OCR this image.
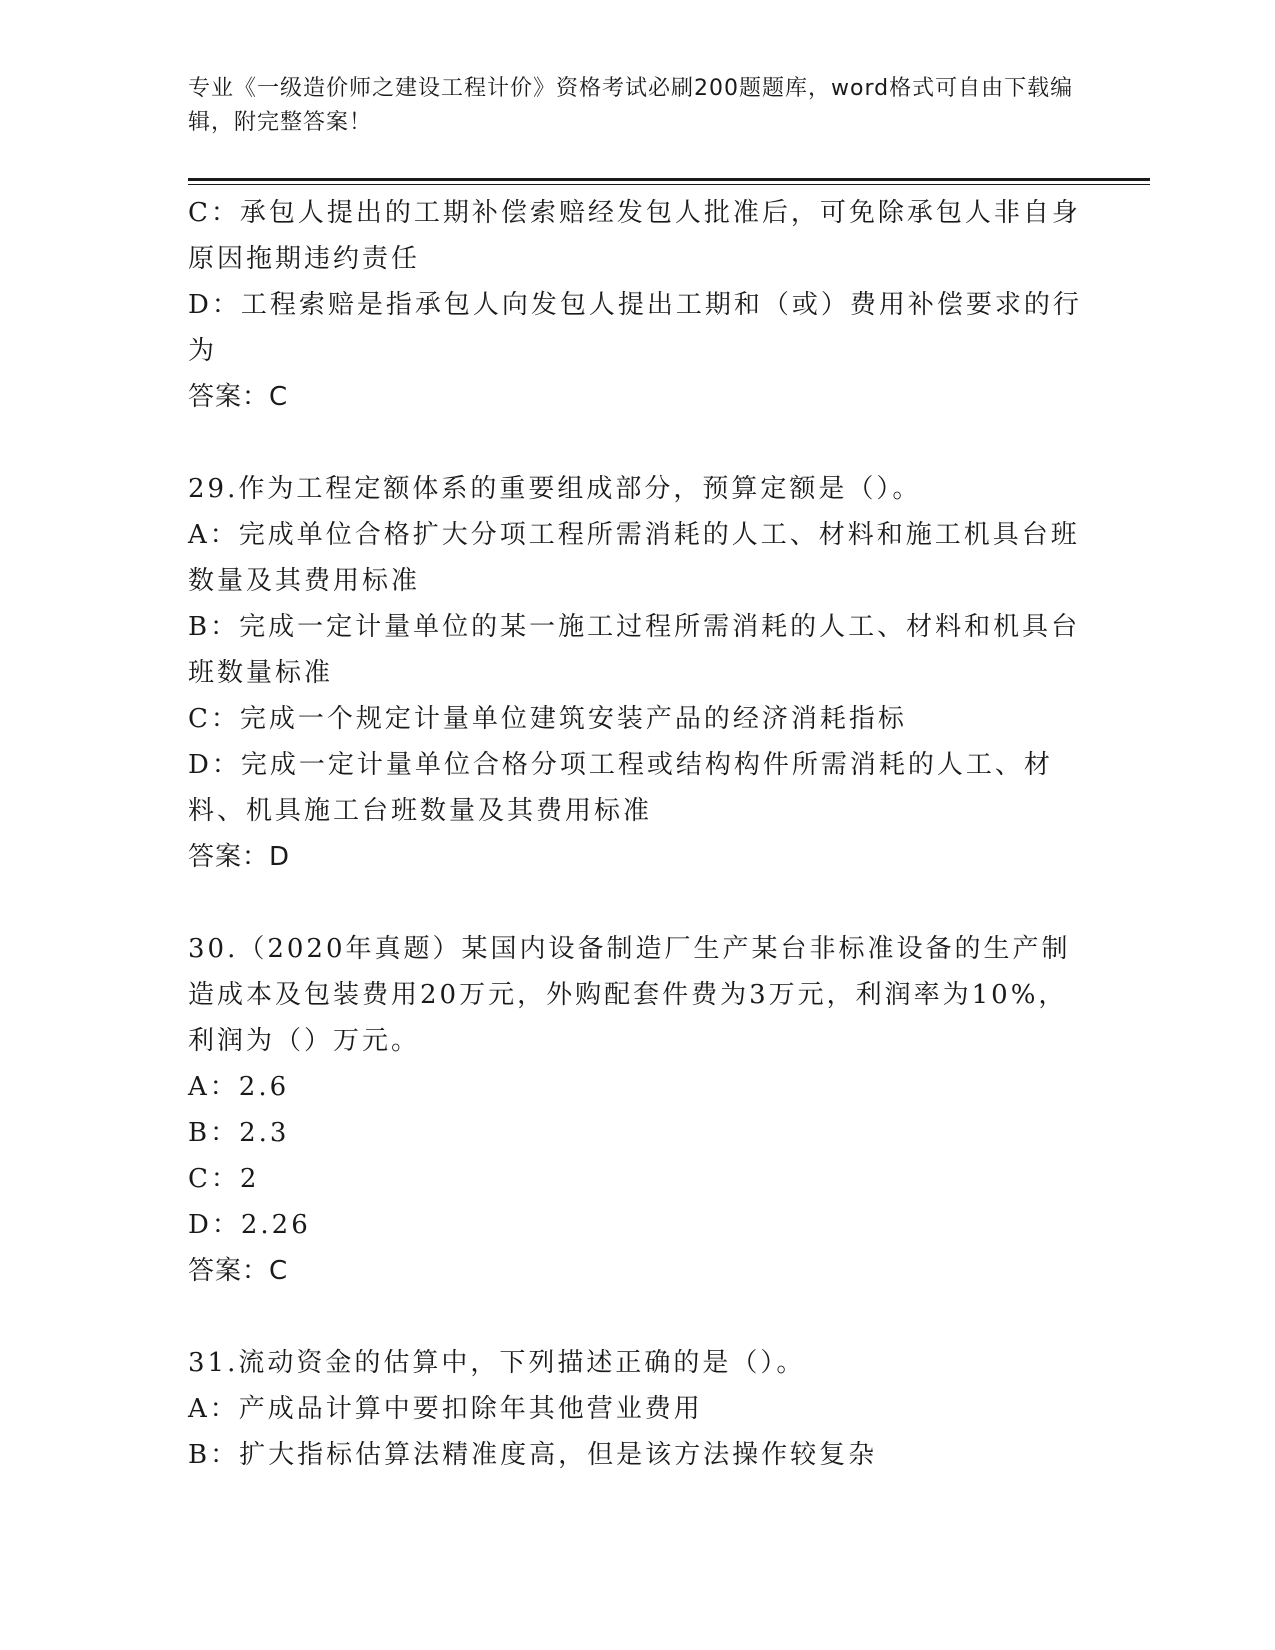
专业《一级造价师之建设工程计价》资格考试必刷200题题库，word格式可自由下载编辑，附完整答案！

C：承包人提出的工期补偿索赔经发包人批准后，可免除承包人非自身原因拖期违约责任

D：工程索赔是指承包人向发包人提出工期和（或）费用补偿要求的行为

答案：C

29.作为工程定额体系的重要组成部分，预算定额是（）。

A：完成单位合格扩大分项工程所需消耗的人工、材料和施工机具台班数量及其费用标准

B：完成一定计量单位的某一施工过程所需消耗的人工、材料和机具台班数量标准

C：完成一个规定计量单位建筑安装产品的经济消耗指标

D：完成一定计量单位合格分项工程或结构构件所需消耗的人工、材料、机具施工台班数量及其费用标准

答案：D

30.（2020年真题）某国内设备制造厂生产某台非标准设备的生产制造成本及包装费用20万元，外购配套件费为3万元，利润率为10%，利润为（）万元。

A：2.6

B：2.3

C：2

D：2.26

答案：C

31.流动资金的估算中，下列描述正确的是（）。

A：产成品计算中要扣除年其他营业费用

B：扩大指标估算法精准度高，但是该方法操作较复杂
